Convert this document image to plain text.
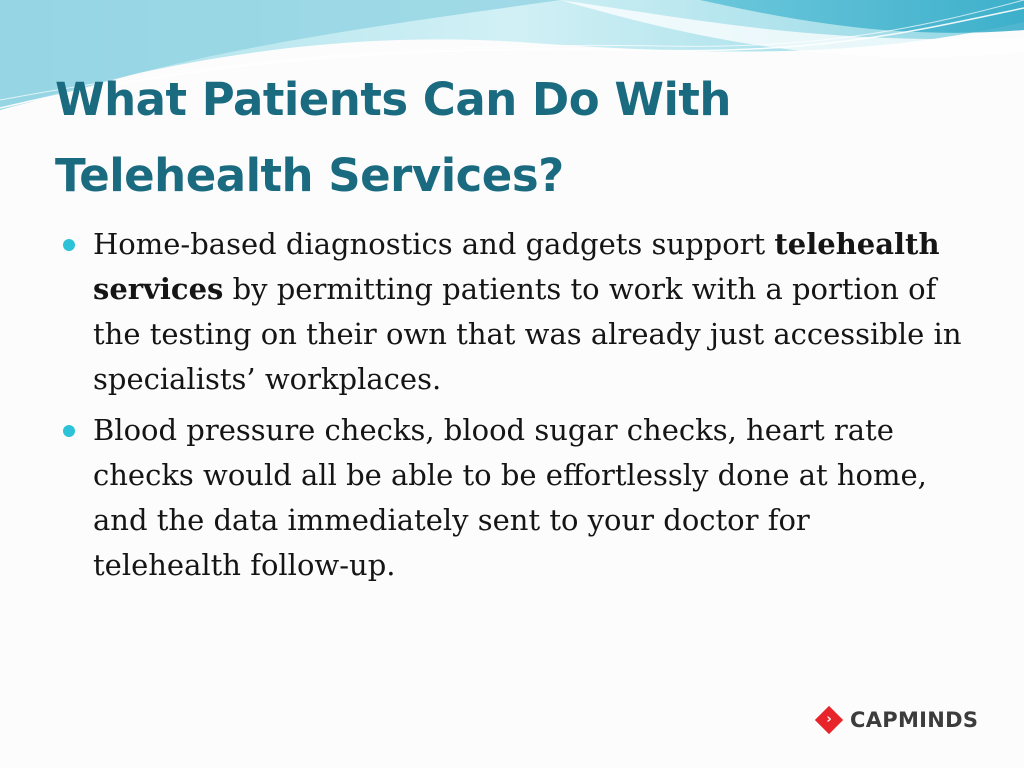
What Patients Can Do With
Telehealth Services?
Home-based diagnostics and gadgets support telehealth services by permitting patients to work with a portion of the testing on their own that was already just accessible in specialists’ workplaces.
Blood pressure checks, blood sugar checks, heart rate checks would all be able to be effortlessly done at home, and the data immediately sent to your doctor for telehealth follow-up.
› CAPMINDS
